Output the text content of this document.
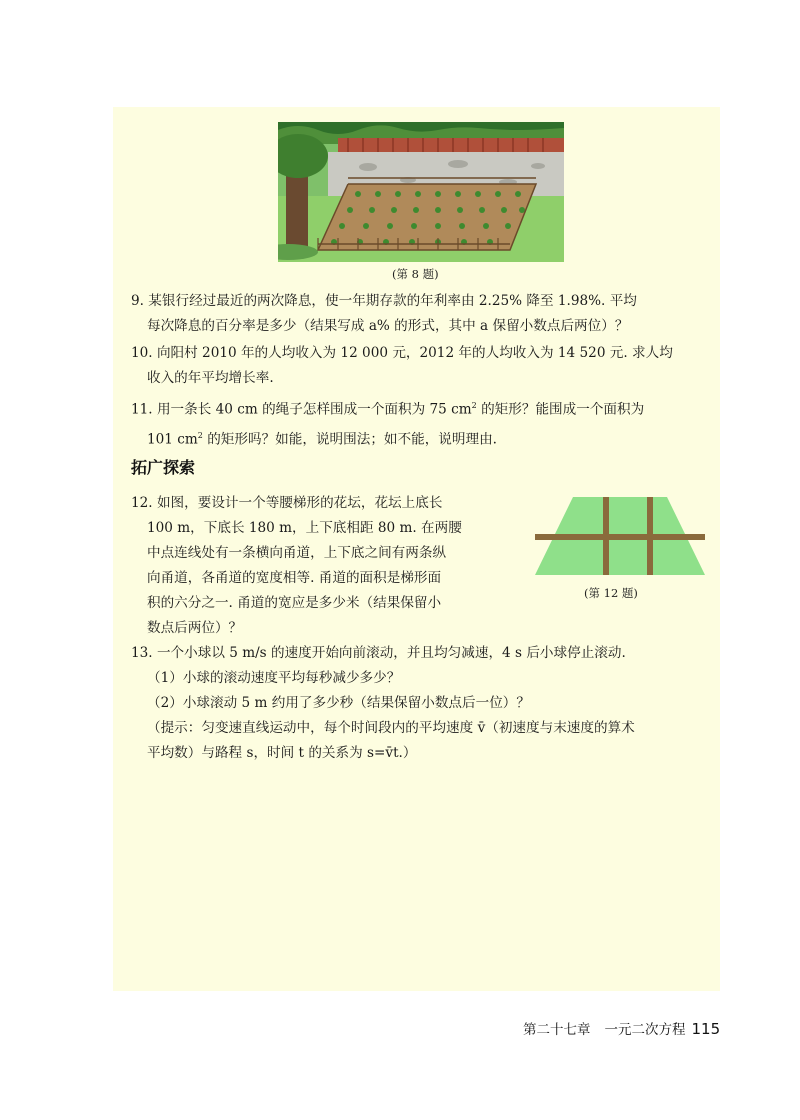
(第 8 题)
9. 某银行经过最近的两次降息，使一年期存款的年利率由 2.25% 降至 1.98%. 平均
每次降息的百分率是多少（结果写成 a% 的形式，其中 a 保留小数点后两位）？
10. 向阳村 2010 年的人均收入为 12 000 元，2012 年的人均收入为 14 520 元. 求人均
收入的年平均增长率.
11. 用一条长 40 cm 的绳子怎样围成一个面积为 75 $cm^2$ 的矩形？能围成一个面积为
101 $cm^2$ 的矩形吗？如能，说明围法；如不能，说明理由.
拓广探索
12. 如图，要设计一个等腰梯形的花坛，花坛上底长
100 m，下底长 180 m，上下底相距 80 m. 在两腰
中点连线处有一条横向甬道，上下底之间有两条纵
向甬道，各甬道的宽度相等. 甬道的面积是梯形面
积的六分之一. 甬道的宽应是多少米（结果保留小
数点后两位）？
(第 12 题)
13. 一个小球以 5 m/s 的速度开始向前滚动，并且均匀减速，4 s 后小球停止滚动.
（1）小球的滚动速度平均每秒减少多少？
（2）小球滚动 5 m 约用了多少秒（结果保留小数点后一位）？
（提示：匀变速直线运动中，每个时间段内的平均速度 v̄（初速度与末速度的算术
平均数）与路程 s，时间 t 的关系为 s=v̄t.）
第二十七章 一元二次方程 115
